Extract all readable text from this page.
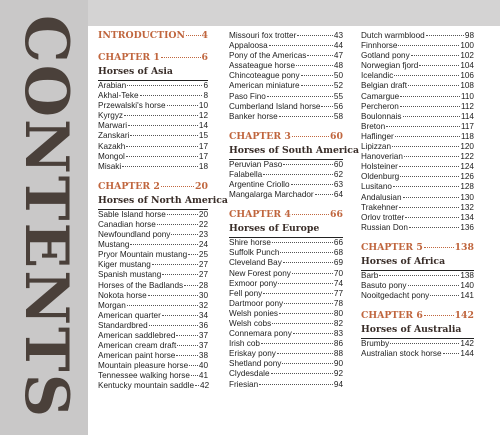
CONTENTS INTRODUCTION 4
CHAPTER 1	6
Horses of Asia
Arabian	6
Akhal-Teke	8
Przewalski's horse	10
Kyrgyz	12
Marwari	14
Zanskari	15
Kazakh	17
Mongol	17
Misaki	18
CHAPTER 2	20
Horses of North America
Sable Island horse	20
Canadian horse	22
Newfoundland pony	23
Mustang	24
Pryor Mountain mustang 25
Kiger mustang	27
Spanish mustang	27
Horses of the Badlands 28
Nokota horse	30
Morgan	32
American quarter	34
Standardbred	36
American saddlebred	37
American cream draft	37
American paint horse	38
Mountain pleasure horse 40
Tennessee walking horse 41
Kentucky mountain saddle 42
Missouri fox trotter	43
Appaloosa	44
Pony of the Americas	47
Assateague horse	48
Chincoteague pony	50
American miniature	52
Paso Fino	55
Cumberland Island horse 56
Banker horse	58
CHAPTER 3	60
Horses of South America
Peruvian Paso	60
Falabella	62
Argentine Criollo	63
Mangalarga Marchador 64
CHAPTER 4	66
Horses of Europe
Shire horse	66
Suffolk Punch	68
Cleveland Bay	69
New Forest pony	70
Exmoor pony	74
Fell pony	77
Dartmoor pony	78
Welsh ponies	80
Welsh cobs	82
Connemara pony	83
Irish cob	86
Eriskay pony	88
Shetland pony	90
Clydesdale	92
Friesian	94
Dutch warmblood	98
Finnhorse	100
Gotland pony	102
Norwegian fjord	104
Icelandic	106
Belgian draft	108
Camargue	110
Percheron	112
Boulonnais	114
Breton	117
Haflinger	118
Lipizzan	120
Hanoverian	122
Holsteiner	124
Oldenburg	126
Lusitano	128
Andalusian	130
Trakehner	132
Orlov trotter	134
Russian Don	136
CHAPTER 5	138
Horses of Africa
Barb	138
Basuto pony	140
Nooitgedacht pony	141
CHAPTER 6	142
Horses of Australia
Brumby	142
Australian stock horse 144
